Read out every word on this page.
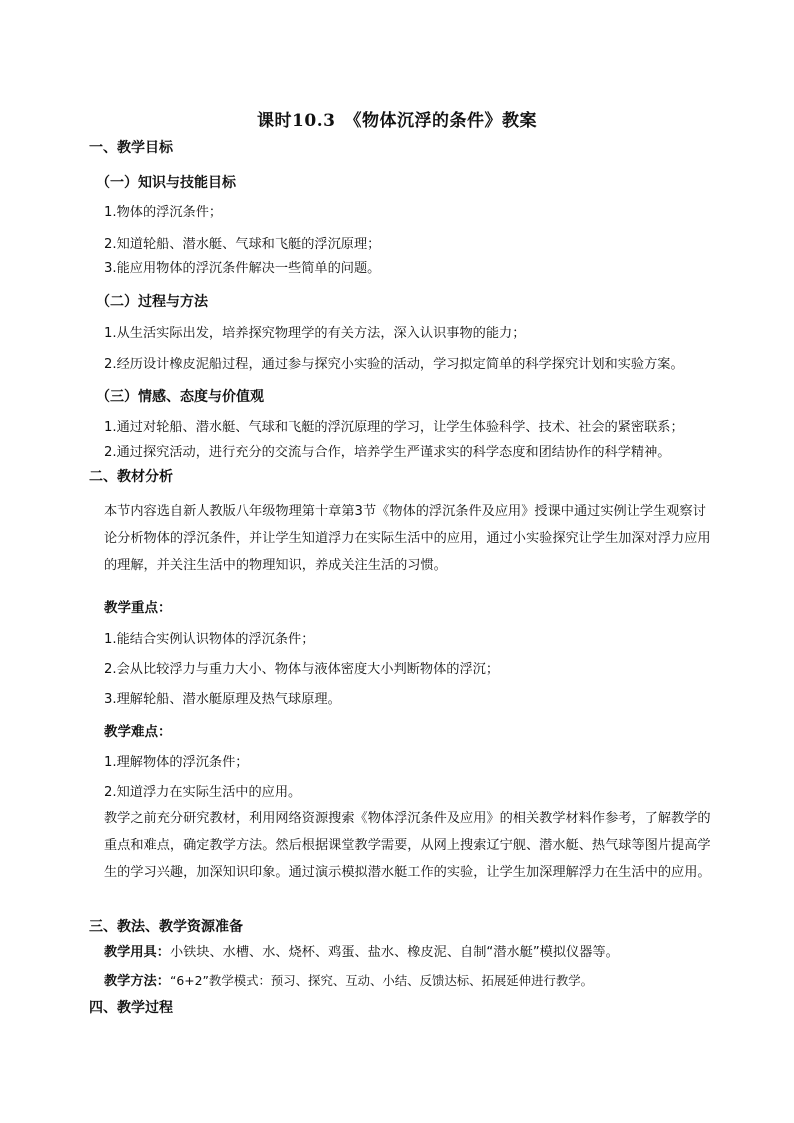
课时10.3　《物体沉浮的条件》教案
一、教学目标
（一）知识与技能目标
1.物体的浮沉条件；
2.知道轮船、潜水艇、气球和飞艇的浮沉原理；
3.能应用物体的浮沉条件解决一些简单的问题。
（二）过程与方法
1.从生活实际出发，培养探究物理学的有关方法，深入认识事物的能力；
2.经历设计橡皮泥船过程，通过参与探究小实验的活动，学习拟定简单的科学探究计划和实验方案。
（三）情感、态度与价值观
1.通过对轮船、潜水艇、气球和飞艇的浮沉原理的学习，让学生体验科学、技术、社会的紧密联系；
2.通过探究活动，进行充分的交流与合作，培养学生严谨求实的科学态度和团结协作的科学精神。
二、教材分析
本节内容选自新人教版八年级物理第十章第3节《物体的浮沉条件及应用》授课中通过实例让学生观察讨论分析物体的浮沉条件，并让学生知道浮力在实际生活中的应用，通过小实验探究让学生加深对浮力应用的理解，并关注生活中的物理知识，养成关注生活的习惯。
教学重点：
1.能结合实例认识物体的浮沉条件；
2.会从比较浮力与重力大小、物体与液体密度大小判断物体的浮沉；
3.理解轮船、潜水艇原理及热气球原理。
教学难点：
1.理解物体的浮沉条件；
2.知道浮力在实际生活中的应用。
教学之前充分研究教材，利用网络资源搜索《物体浮沉条件及应用》的相关教学材料作参考，了解教学的重点和难点，确定教学方法。然后根据课堂教学需要，从网上搜索辽宁舰、潜水艇、热气球等图片提高学生的学习兴趣，加深知识印象。通过演示模拟潜水艇工作的实验，让学生加深理解浮力在生活中的应用。
三、教法、教学资源准备
教学用具：小铁块、水槽、水、烧杯、鸡蛋、盐水、橡皮泥、自制“潜水艇”模拟仪器等。
教学方法：“6+2”教学模式：预习、探究、互动、小结、反馈达标、拓展延伸进行教学。
四、教学过程
